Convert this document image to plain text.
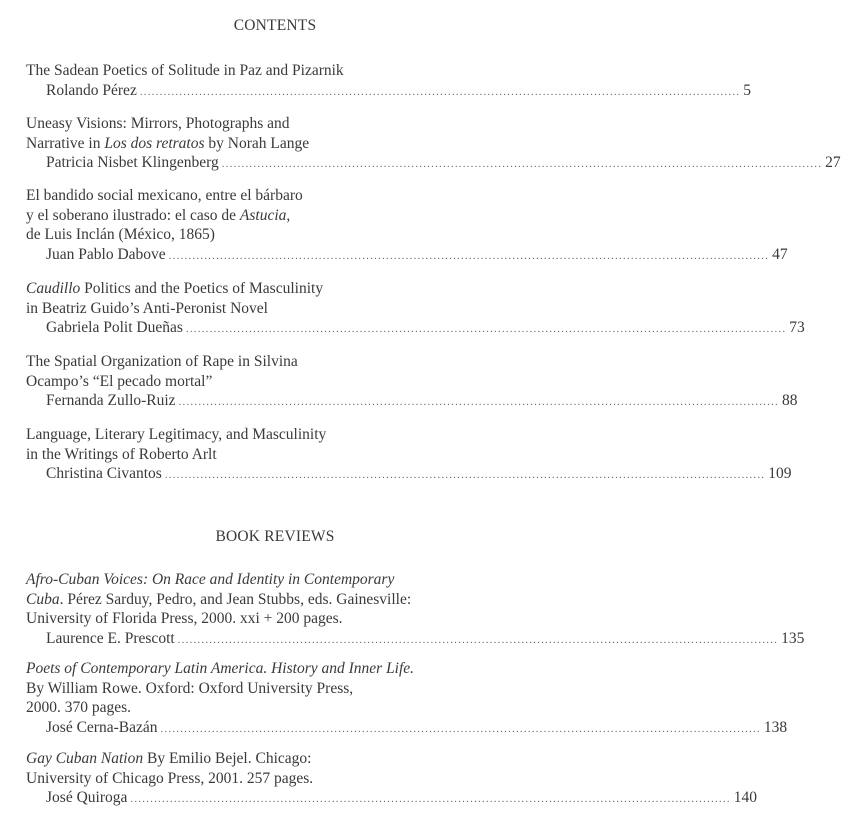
CONTENTS
The Sadean Poetics of Solitude in Paz and Pizarnik
Rolando Pérez ........................................................................................................................................................ 5
Uneasy Visions: Mirrors, Photographs and
Narrative in Los dos retratos by Norah Lange
Patricia Nisbet Klingenberg ........................................................................................................................................................ 27
El bandido social mexicano, entre el bárbaro
y el soberano ilustrado: el caso de Astucia,
de Luis Inclán (México, 1865)
Juan Pablo Dabove ........................................................................................................................................................ 47
Caudillo Politics and the Poetics of Masculinity
in Beatriz Guido’s Anti-Peronist Novel
Gabriela Polit Dueñas ........................................................................................................................................................ 73
The Spatial Organization of Rape in Silvina
Ocampo’s “El pecado mortal”
Fernanda Zullo-Ruiz ........................................................................................................................................................ 88
Language, Literary Legitimacy, and Masculinity
in the Writings of Roberto Arlt
Christina Civantos ........................................................................................................................................................ 109
BOOK REVIEWS
Afro-Cuban Voices: On Race and Identity in Contemporary
Cuba. Pérez Sarduy, Pedro, and Jean Stubbs, eds. Gainesville:
University of Florida Press, 2000. xxi + 200 pages.
Laurence E. Prescott ........................................................................................................................................................ 135
Poets of Contemporary Latin America. History and Inner Life.
By William Rowe. Oxford: Oxford University Press,
2000. 370 pages.
José Cerna-Bazán ........................................................................................................................................................ 138
Gay Cuban Nation By Emilio Bejel. Chicago:
University of Chicago Press, 2001. 257 pages.
José Quiroga ........................................................................................................................................................ 140
